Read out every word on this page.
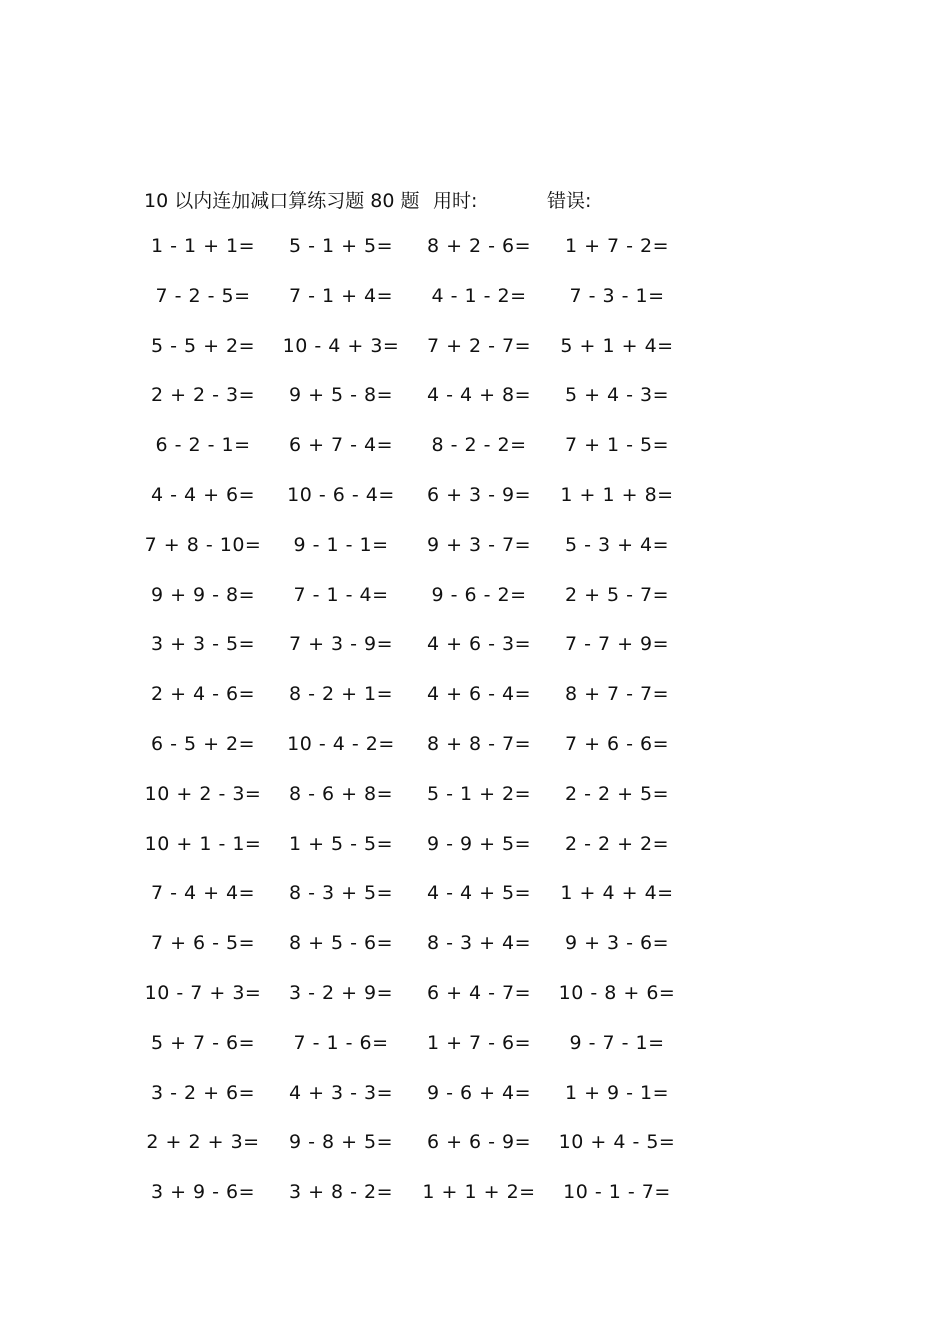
10 以内连加减口算练习题 80 题 用时:	错误:
1 - 1 + 1= 5 - 1 + 5= 8 + 2 - 6= 1 + 7 - 2=
7 - 2 - 5= 7 - 1 + 4= 4 - 1 - 2= 7 - 3 - 1=
5 - 5 + 2= 10 - 4 + 3= 7 + 2 - 7= 5 + 1 + 4=
2 + 2 - 3= 9 + 5 - 8= 4 - 4 + 8= 5 + 4 - 3=
6 - 2 - 1= 6 + 7 - 4= 8 - 2 - 2= 7 + 1 - 5=
4 - 4 + 6= 10 - 6 - 4= 6 + 3 - 9= 1 + 1 + 8=
7 + 8 - 10= 9 - 1 - 1= 9 + 3 - 7= 5 - 3 + 4=
9 + 9 - 8= 7 - 1 - 4= 9 - 6 - 2= 2 + 5 - 7=
3 + 3 - 5= 7 + 3 - 9= 4 + 6 - 3= 7 - 7 + 9=
2 + 4 - 6= 8 - 2 + 1= 4 + 6 - 4= 8 + 7 - 7=
6 - 5 + 2= 10 - 4 - 2= 8 + 8 - 7= 7 + 6 - 6=
10 + 2 - 3= 8 - 6 + 8= 5 - 1 + 2= 2 - 2 + 5=
10 + 1 - 1= 1 + 5 - 5= 9 - 9 + 5= 2 - 2 + 2=
7 - 4 + 4= 8 - 3 + 5= 4 - 4 + 5= 1 + 4 + 4=
7 + 6 - 5= 8 + 5 - 6= 8 - 3 + 4= 9 + 3 - 6=
10 - 7 + 3= 3 - 2 + 9= 6 + 4 - 7= 10 - 8 + 6=
5 + 7 - 6= 7 - 1 - 6= 1 + 7 - 6= 9 - 7 - 1=
3 - 2 + 6= 4 + 3 - 3= 9 - 6 + 4= 1 + 9 - 1=
2 + 2 + 3= 9 - 8 + 5= 6 + 6 - 9= 10 + 4 - 5=
3 + 9 - 6= 3 + 8 - 2= 1 + 1 + 2= 10 - 1 - 7=
